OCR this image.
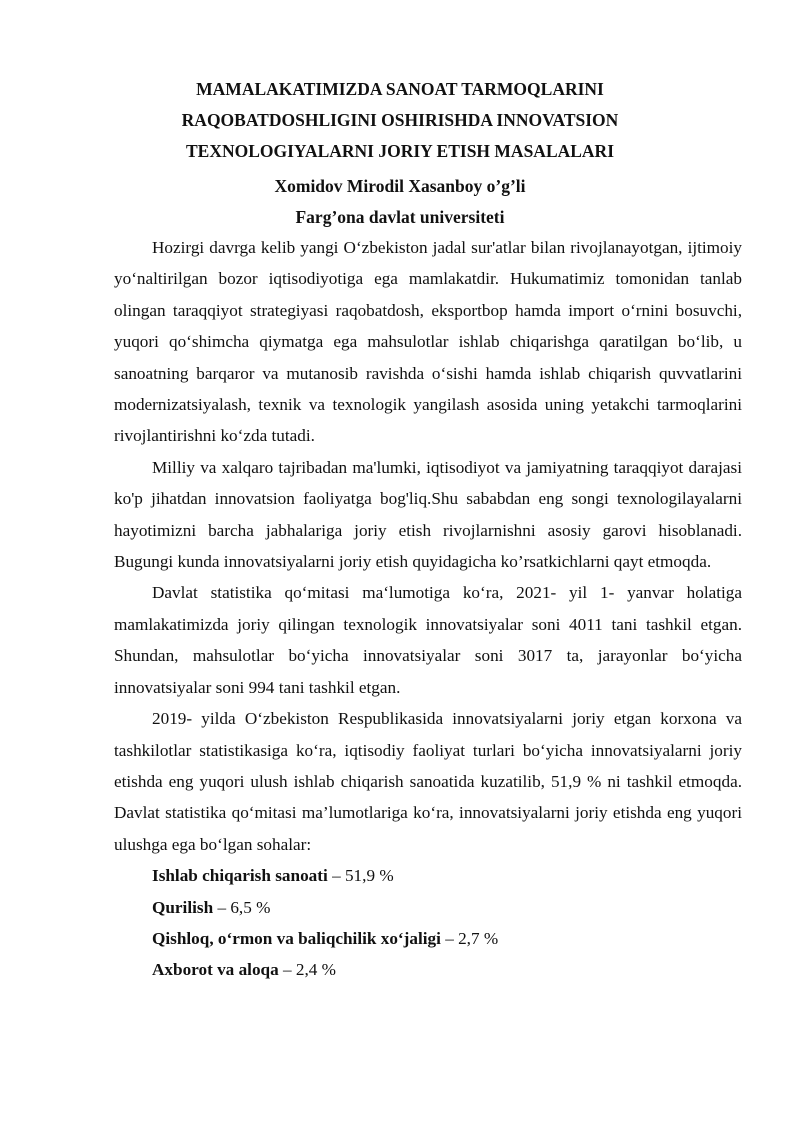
MAMALAKATIMIZDA SANOAT TARMOQLARINI
RAQOBATDOSHLIGINI OSHIRISHDA INNOVATSION
TEXNOLOGIYALARNI JORIY ETISH MASALALARI
Xomidov Mirodil Xasanboy o’g’li
Farg’ona davlat universiteti

Hozirgi davrga kelib yangi O‘zbekiston jadal sur'atlar bilan rivojlanayotgan, ijtimoiy yo‘naltirilgan bozor iqtisodiyotiga ega mamlakatdir. Hukumatimiz tomonidan tanlab olingan taraqqiyot strategiyasi raqobatdosh, eksportbop hamda import o‘rnini bosuvchi, yuqori qo‘shimcha qiymatga ega mahsulotlar ishlab chiqarishga qaratilgan bo‘lib, u sanoatning barqaror va mutanosib ravishda o‘sishi hamda ishlab chiqarish quvvatlarini modernizatsiyalash, texnik va texnologik yangilash asosida uning yetakchi tarmoqlarini rivojlantirishni ko‘zda tutadi.

Milliy va xalqaro tajribadan ma'lumki, iqtisodiyot va jamiyatning taraqqiyot darajasi ko'p jihatdan innovatsion faoliyatga bog'liq.Shu sababdan eng songi texnologilayalarni hayotimizni barcha jabhalariga joriy etish rivojlarnishni asosiy garovi hisoblanadi. Bugungi kunda innovatsiyalarni joriy etish quyidagicha ko’rsatkichlarni qayt etmoqda.

Davlat statistika qo‘mitasi ma‘lumotiga ko‘ra, 2021- yil 1- yanvar holatiga mamlakatimizda joriy qilingan texnologik innovatsiyalar soni 4011 tani tashkil etgan. Shundan, mahsulotlar bo‘yicha innovatsiyalar soni 3017 ta, jarayonlar bo‘yicha innovatsiyalar soni 994 tani tashkil etgan.

2019- yilda O‘zbekiston Respublikasida innovatsiyalarni joriy etgan korxona va tashkilotlar statistikasiga ko‘ra, iqtisodiy faoliyat turlari bo‘yicha innovatsiyalarni joriy etishda eng yuqori ulush ishlab chiqarish sanoatida kuzatilib, 51,9 % ni tashkil etmoqda. Davlat statistika qo‘mitasi ma’lumotlariga ko‘ra, innovatsiyalarni joriy etishda eng yuqori ulushga ega bo‘lgan sohalar:

Ishlab chiqarish sanoati – 51,9 %
Qurilish – 6,5 %
Qishloq, o‘rmon va baliqchilik xo‘jaligi – 2,7 %
Axborot va aloqa – 2,4 %
